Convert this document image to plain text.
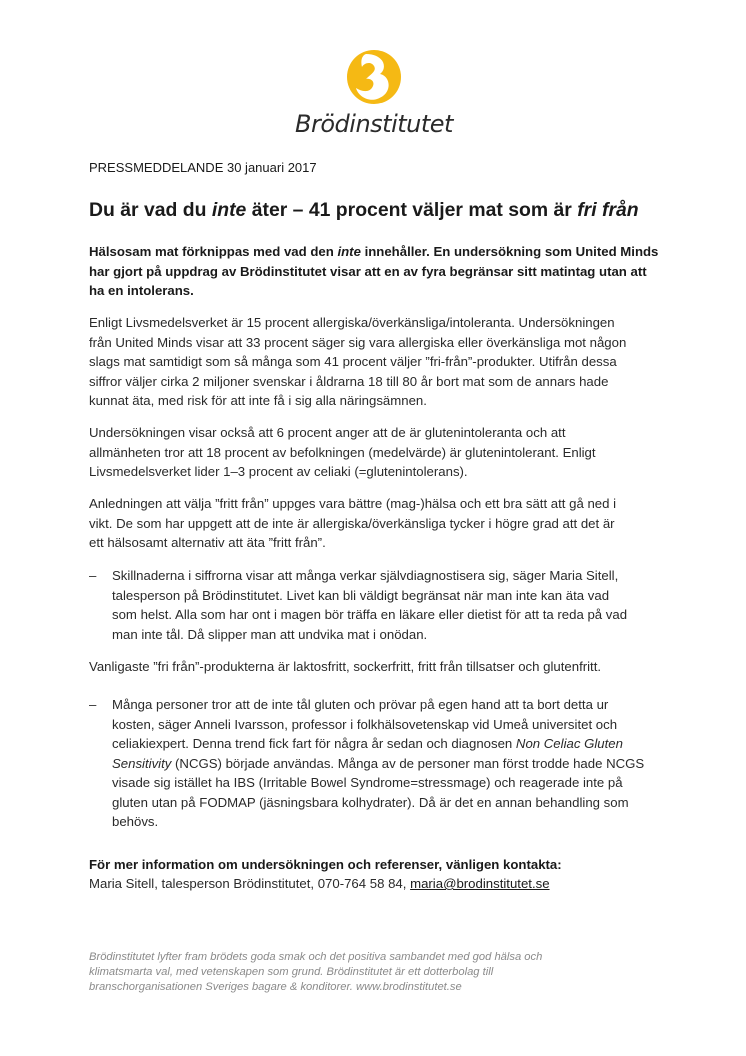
Brödinstitutet
PRESSMEDDELANDE 30 januari 2017
Du är vad du inte äter – 41 procent väljer mat som är fri från
Hälsosam mat förknippas med vad den inte innehåller. En undersökning som United Minds
har gjort på uppdrag av Brödinstitutet visar att en av fyra begränsar sitt matintag utan att
ha en intolerans.
Enligt Livsmedelsverket är 15 procent allergiska/överkänsliga/intoleranta. Undersökningen
från United Minds visar att 33 procent säger sig vara allergiska eller överkänsliga mot någon
slags mat samtidigt som så många som 41 procent väljer ”fri-från”-produkter. Utifrån dessa
siffror väljer cirka 2 miljoner svenskar i åldrarna 18 till 80 år bort mat som de annars hade
kunnat äta, med risk för att inte få i sig alla näringsämnen.
Undersökningen visar också att 6 procent anger att de är glutenintoleranta och att
allmänheten tror att 18 procent av befolkningen (medelvärde) är glutenintolerant. Enligt
Livsmedelsverket lider 1–3 procent av celiaki (=glutenintolerans).
Anledningen att välja ”fritt från” uppges vara bättre (mag-)hälsa och ett bra sätt att gå ned i
vikt. De som har uppgett att de inte är allergiska/överkänsliga tycker i högre grad att det är
ett hälsosamt alternativ att äta ”fritt från”.
– Skillnaderna i siffrorna visar att många verkar självdiagnostisera sig, säger Maria Sitell,
talesperson på Brödinstitutet. Livet kan bli väldigt begränsat när man inte kan äta vad
som helst. Alla som har ont i magen bör träffa en läkare eller dietist för att ta reda på vad
man inte tål. Då slipper man att undvika mat i onödan.
Vanligaste ”fri från”-produkterna är laktosfritt, sockerfritt, fritt från tillsatser och glutenfritt.
– Många personer tror att de inte tål gluten och prövar på egen hand att ta bort detta ur
kosten, säger Anneli Ivarsson, professor i folkhälsovetenskap vid Umeå universitet och
celiakiexpert. Denna trend fick fart för några år sedan och diagnosen Non Celiac Gluten
Sensitivity (NCGS) började användas. Många av de personer man först trodde hade NCGS
visade sig istället ha IBS (Irritable Bowel Syndrome=stressmage) och reagerade inte på
gluten utan på FODMAP (jäsningsbara kolhydrater). Då är det en annan behandling som
behövs.
För mer information om undersökningen och referenser, vänligen kontakta:
Maria Sitell, talesperson Brödinstitutet, 070-764 58 84, maria@brodinstitutet.se
Brödinstitutet lyfter fram brödets goda smak och det positiva sambandet med god hälsa och
klimatsmarta val, med vetenskapen som grund. Brödinstitutet är ett dotterbolag till
branschorganisationen Sveriges bagare & konditorer. www.brodinstitutet.se
